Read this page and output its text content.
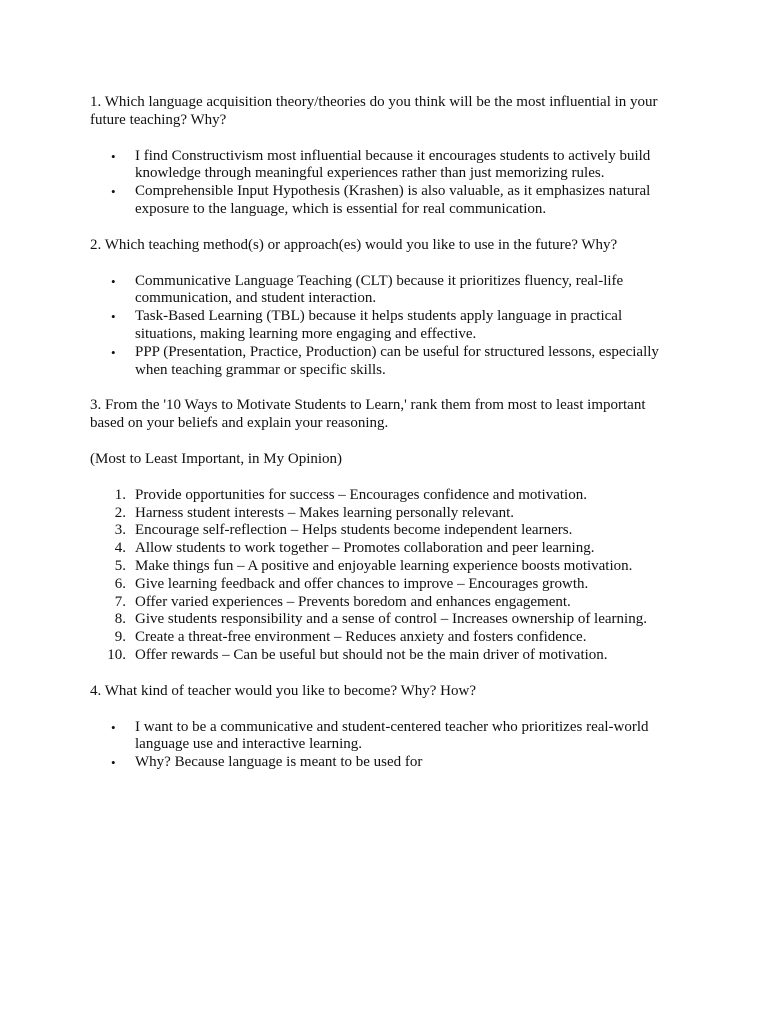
1. Which language acquisition theory/theories do you think will be the most influential in your future teaching? Why?

• I find Constructivism most influential because it encourages students to actively build knowledge through meaningful experiences rather than just memorizing rules.
• Comprehensible Input Hypothesis (Krashen) is also valuable, as it emphasizes natural exposure to the language, which is essential for real communication.

2. Which teaching method(s) or approach(es) would you like to use in the future? Why?

• Communicative Language Teaching (CLT) because it prioritizes fluency, real-life communication, and student interaction.
• Task-Based Learning (TBL) because it helps students apply language in practical situations, making learning more engaging and effective.
• PPP (Presentation, Practice, Production) can be useful for structured lessons, especially when teaching grammar or specific skills.

3. From the '10 Ways to Motivate Students to Learn,' rank them from most to least important based on your beliefs and explain your reasoning.

(Most to Least Important, in My Opinion)

1. Provide opportunities for success – Encourages confidence and motivation.
2. Harness student interests – Makes learning personally relevant.
3. Encourage self-reflection – Helps students become independent learners.
4. Allow students to work together – Promotes collaboration and peer learning.
5. Make things fun – A positive and enjoyable learning experience boosts motivation.
6. Give learning feedback and offer chances to improve – Encourages growth.
7. Offer varied experiences – Prevents boredom and enhances engagement.
8. Give students responsibility and a sense of control – Increases ownership of learning.
9. Create a threat-free environment – Reduces anxiety and fosters confidence.
10. Offer rewards – Can be useful but should not be the main driver of motivation.

4. What kind of teacher would you like to become? Why? How?

• I want to be a communicative and student-centered teacher who prioritizes real-world language use and interactive learning.
• Why? Because language is meant to be used for
